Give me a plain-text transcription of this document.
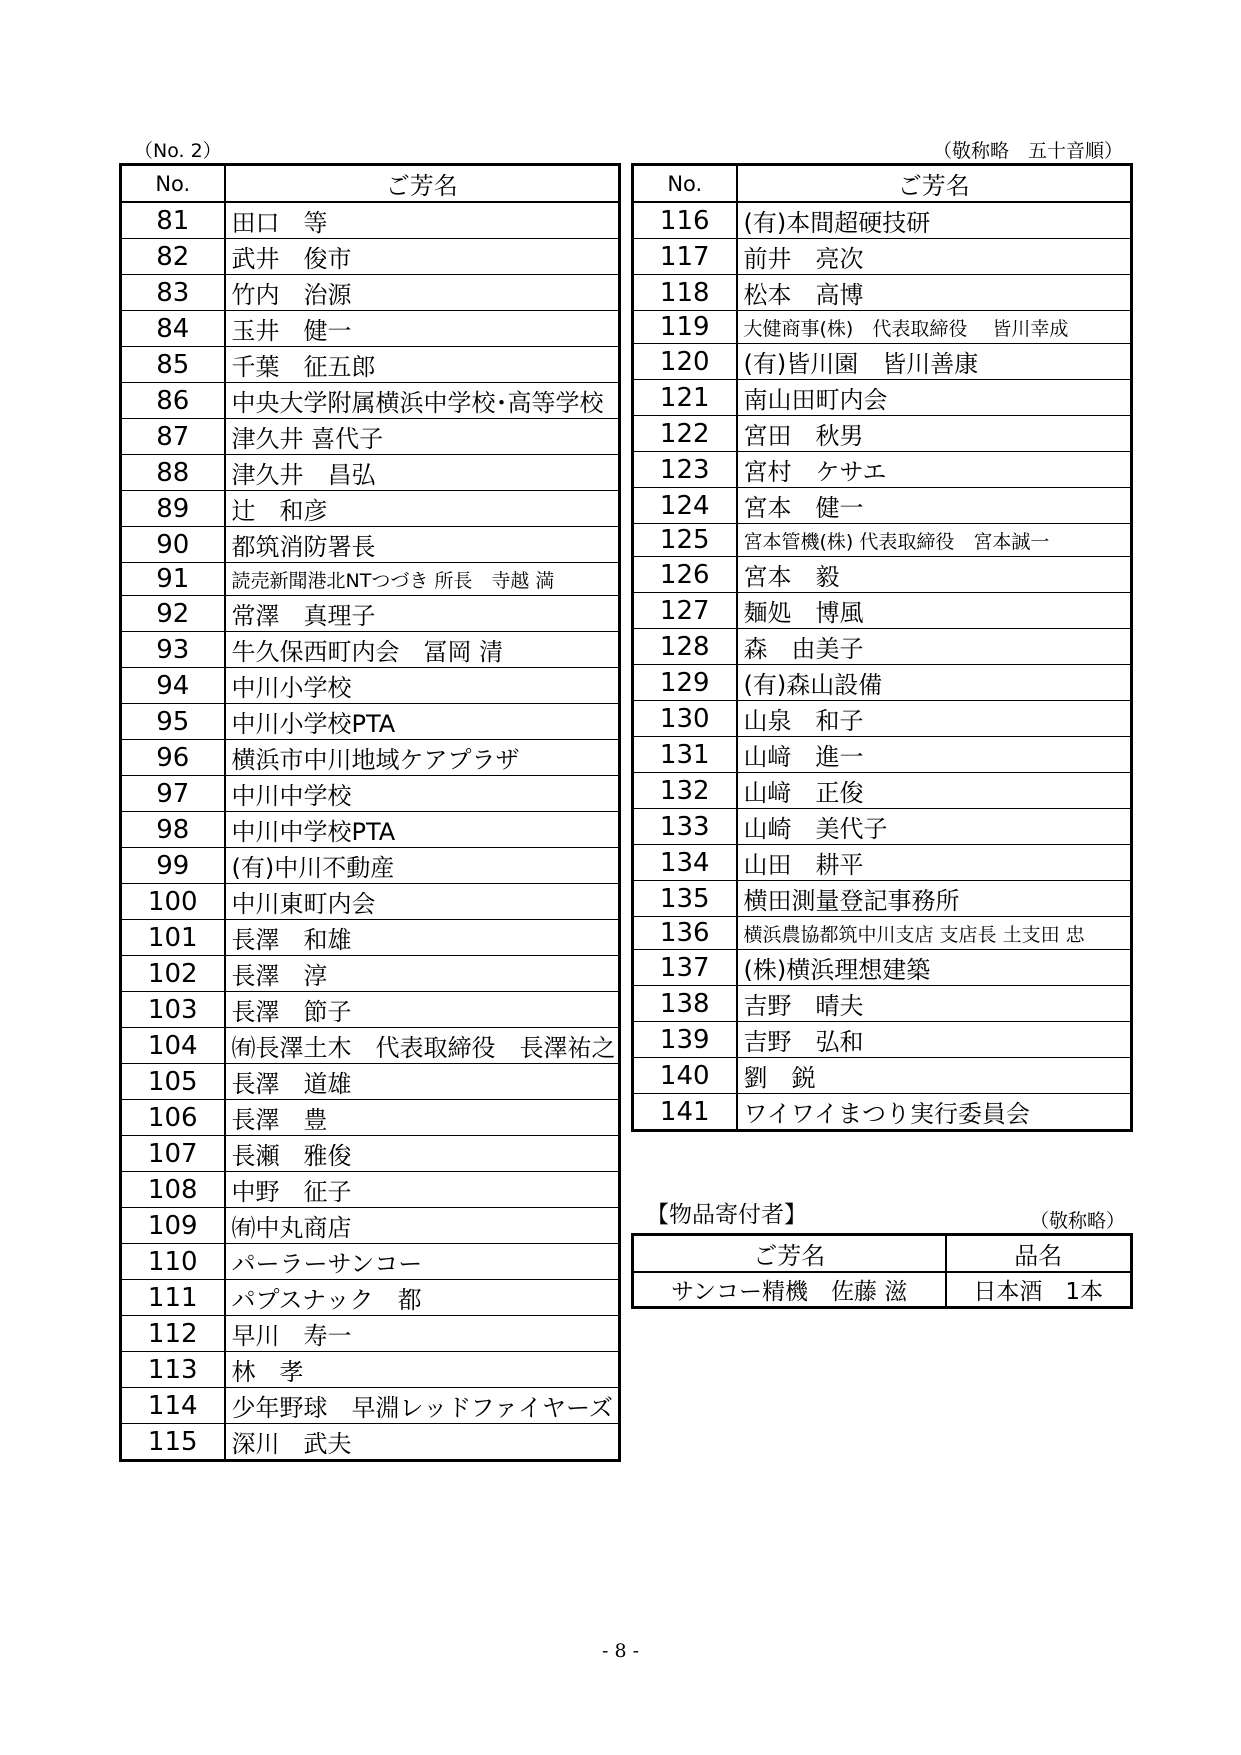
（No. 2）	（敬称略　五十音順）
No.	ご芳名
81	田口　等
82	武井　俊市
83	竹内　治源
84	玉井　健一
85	千葉　征五郎
86	中央大学附属横浜中学校･高等学校
87	津久井 喜代子
88	津久井　昌弘
89	辻　和彦
90	都筑消防署長
91	読売新聞港北NTつづき 所長　寺越 満
92	常澤　真理子
93	牛久保西町内会　冨岡 清
94	中川小学校
95	中川小学校PTA
96	横浜市中川地域ケアプラザ
97	中川中学校
98	中川中学校PTA
99	(有)中川不動産
100	中川東町内会
101	長澤　和雄
102	長澤　淳
103	長澤　節子
104	㈲長澤土木　代表取締役　長澤祐之
105	長澤　道雄
106	長澤　豊
107	長瀬　雅俊
108	中野　征子
109	㈲中丸商店
110	パーラーサンコー
111	パプスナック　都
112	早川　寿一
113	林　孝
114	少年野球　早淵レッドファイヤーズ
115	深川　武夫
No.	ご芳名
116	(有)本間超硬技研
117	前井　亮次
118	松本　高博
119	大健商事(株)　代表取締役　 皆川幸成
120	(有)皆川園　皆川善康
121	南山田町内会
122	宮田　秋男
123	宮村　ケサエ
124	宮本　健一
125	宮本管機(株) 代表取締役　宮本誠一
126	宮本　毅
127	麺処　博風
128	森　由美子
129	(有)森山設備
130	山泉　和子
131	山﨑　進一
132	山﨑　正俊
133	山崎　美代子
134	山田　耕平
135	横田測量登記事務所
136	横浜農協都筑中川支店 支店長 土支田 忠
137	(株)横浜理想建築
138	吉野　晴夫
139	吉野　弘和
140	劉　鋭
141	ワイワイまつり実行委員会
【物品寄付者】	（敬称略）
ご芳名	品名
サンコー精機　佐藤 滋	日本酒　1本
- 8 -
